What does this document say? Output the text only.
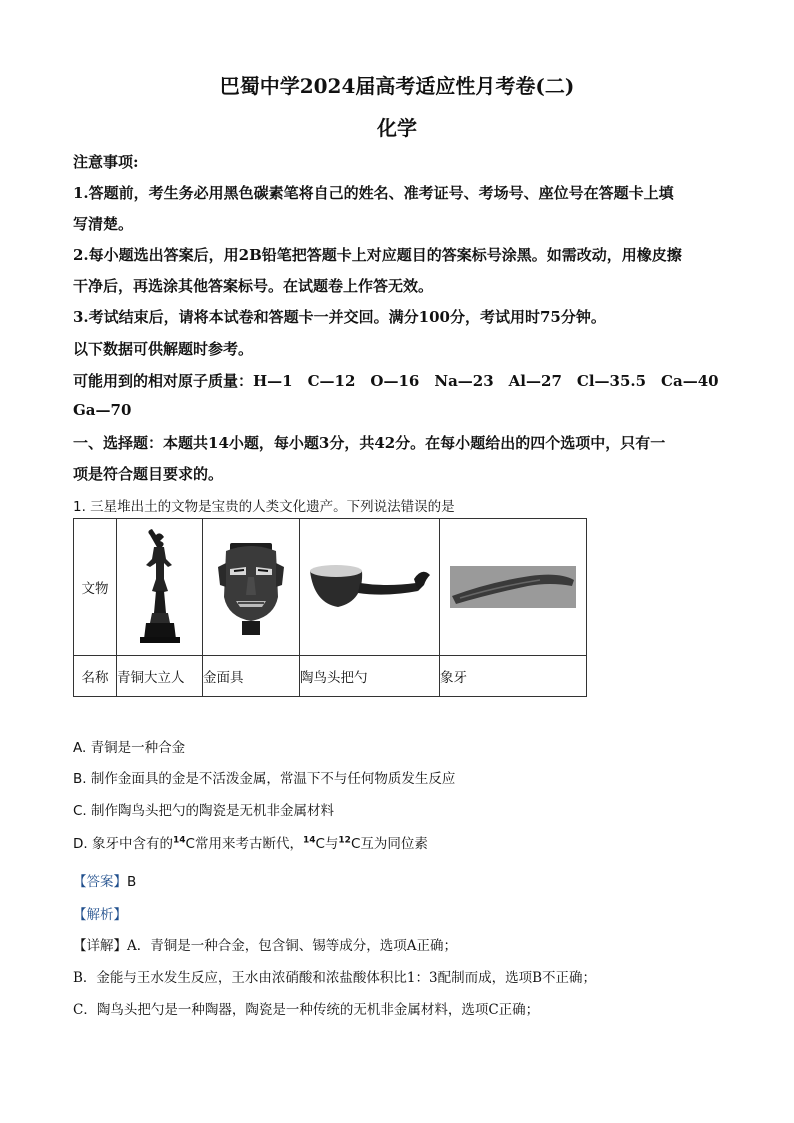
巴蜀中学2024届高考适应性月考卷(二)
化学
注意事项:
1.答题前，考生务必用黑色碳素笔将自己的姓名、准考证号、考场号、座位号在答题卡上填
写清楚。
2.每小题选出答案后，用2B铅笔把答题卡上对应题目的答案标号涂黑。如需改动，用橡皮擦
干净后，再选涂其他答案标号。在试题卷上作答无效。
3.考试结束后，请将本试卷和答题卡一并交回。满分100分，考试用时75分钟。
以下数据可供解题时参考。
可能用到的相对原子质量：H—1　C—12　O—16　Na—23　Al—27　Cl—35.5　Ca—40
Ga—70
一、选择题：本题共14小题，每小题3分，共42分。在每小题给出的四个选项中，只有一
项是符合题目要求的。
1. 三星堆出土的文物是宝贵的人类文化遗产。下列说法错误的是
文物	

名称	青铜大立人	金面具	陶鸟头把勺	象牙
A. 青铜是一种合金
B. 制作金面具的金是不活泼金属，常温下不与任何物质发生反应
C. 制作陶鸟头把勺的陶瓷是无机非金属材料
D. 象牙中含有的$^{14}$C常用来考古断代，$^{14}$C与$^{12}$C互为同位素
【答案】B
【解析】
【详解】A．青铜是一种合金，包含铜、锡等成分，选项A正确；
B．金能与王水发生反应，王水由浓硝酸和浓盐酸体积比1：3配制而成，选项B不正确；
C．陶鸟头把勺是一种陶器，陶瓷是一种传统的无机非金属材料，选项C正确；
